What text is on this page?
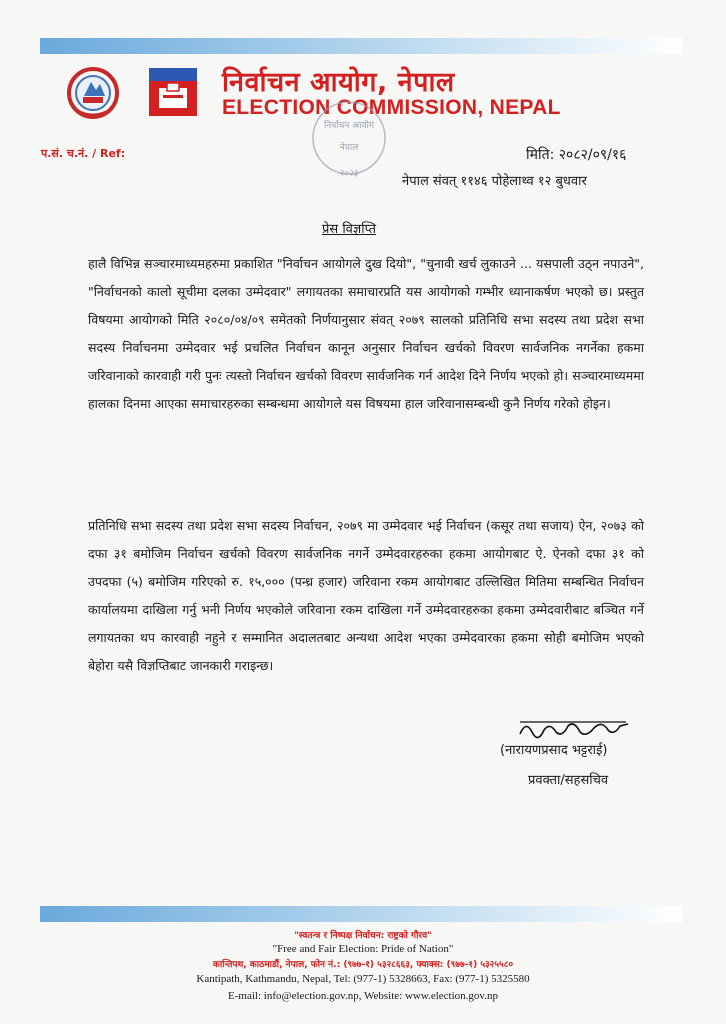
निर्वाचन आयोग, नेपाल
ELECTION COMMISSION, NEPAL
निर्वाचन आयोग
नेपाल
२०२३
प.सं. च.नं. / Ref:	मिति: २०८२/०९/१६
नेपाल संवत् ११४६ पोहेलाथ्व १२ बुधवार
प्रेस विज्ञप्ति

हालै विभिन्न सञ्चारमाध्यमहरुमा प्रकाशित "निर्वाचन आयोगले दुख दियो", "चुनावी खर्च लुकाउने ... यसपाली उठ्न नपाउने", "निर्वाचनको कालो सूचीमा दलका उम्मेदवार" लगायतका समाचारप्रति यस आयोगको गम्भीर ध्यानाकर्षण भएको छ। प्रस्तुत विषयमा आयोगको मिति २०८०/०४/०९ समेतको निर्णयानुसार संवत् २०७९ सालको प्रतिनिधि सभा सदस्य तथा प्रदेश सभा सदस्य निर्वाचनमा उम्मेदवार भई प्रचलित निर्वाचन कानून अनुसार निर्वाचन खर्चको विवरण सार्वजनिक नगर्नेका हकमा जरिवानाको कारवाही गरी पुनः त्यस्तो निर्वाचन खर्चको विवरण सार्वजनिक गर्न आदेश दिने निर्णय भएको हो। सञ्चारमाध्यममा हालका दिनमा आएका समाचारहरुका सम्बन्धमा आयोगले यस विषयमा हाल जरिवानासम्बन्धी कुनै निर्णय गरेको होइन।

प्रतिनिधि सभा सदस्य तथा प्रदेश सभा सदस्य निर्वाचन, २०७९ मा उम्मेदवार भई निर्वाचन (कसूर तथा सजाय) ऐन, २०७३ को दफा ३१ बमोजिम निर्वाचन खर्चको विवरण सार्वजनिक नगर्ने उम्मेदवारहरुका हकमा आयोगबाट ऐ. ऐनको दफा ३१ को उपदफा (५) बमोजिम गरिएको रु. १५,००० (पन्ध्र हजार) जरिवाना रकम आयोगबाट उल्लिखित मितिमा सम्बन्धित निर्वाचन कार्यालयमा दाखिला गर्नु भनी निर्णय भएकोले जरिवाना रकम दाखिला गर्ने उम्मेदवारहरुका हकमा उम्मेदवारीबाट बञ्चित गर्ने लगायतका थप कारवाही नहुने र सम्मानित अदालतबाट अन्यथा आदेश भएका उम्मेदवारका हकमा सोही बमोजिम भएको बेहोरा यसै विज्ञप्तिबाट जानकारी गराइन्छ।

(नारायणप्रसाद भट्टराई)
प्रवक्ता/सहसचिव
"स्वतन्त्र र निष्पक्ष निर्वाचन: राष्ट्रको गौरव"
"Free and Fair Election: Pride of Nation"
कान्तिपथ, काठमाडौं, नेपाल, फोन नं.: (९७७-१) ५३२८६६३, फ्याक्स: (९७७-१) ५३२५५८०
Kantipath, Kathmandu, Nepal, Tel: (977-1) 5328663, Fax: (977-1) 5325580
E-mail: info@election.gov.np, Website: www.election.gov.np
